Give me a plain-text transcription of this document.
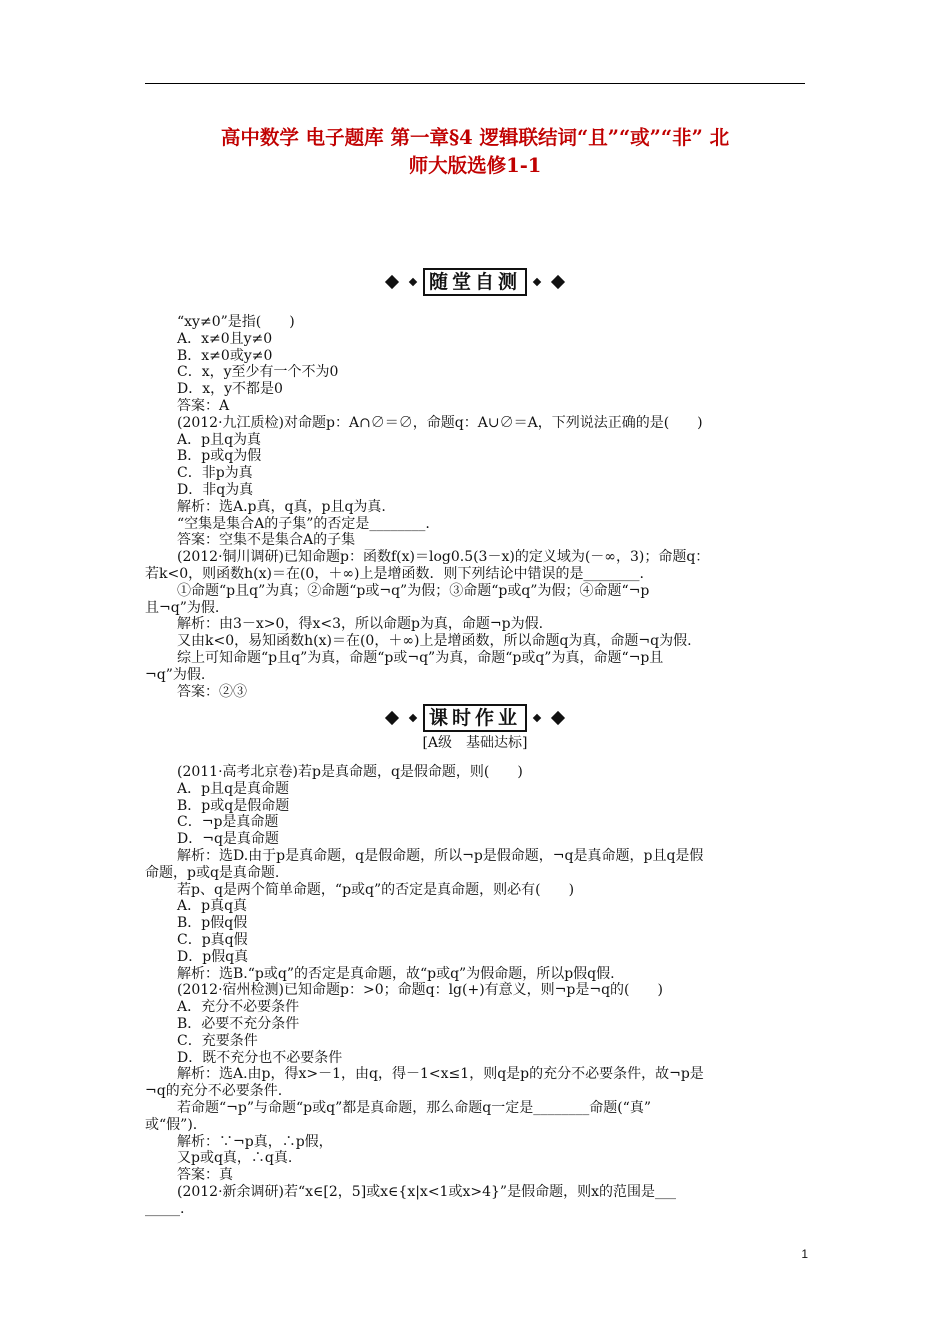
高中数学 电子题库 第一章§4 逻辑联结词“且”“或”“非” 北
师大版选修1-1
随堂自测

“xy≠0”是指(　　)

A．x≠0且y≠0

B．x≠0或y≠0

C．x，y至少有一个不为0

D．x，y不都是0

答案：A

(2012·九江质检)对命题p：A∩∅＝∅，命题q：A∪∅＝A，下列说法正确的是(　　)

A．p且q为真

B．p或q为假

C．非p为真

D．非q为真

解析：选A.p真，q真，p且q为真.

“空集是集合A的子集”的否定是________.

答案：空集不是集合A的子集

(2012·铜川调研)已知命题p：函数f(x)＝log0.5(3－x)的定义域为(－∞，3)；命题q：

若k<0，则函数h(x)＝在(0，＋∞)上是增函数．则下列结论中错误的是________.

①命题“p且q”为真；②命题“p或¬q”为假；③命题“p或q”为假；④命题“¬p

且¬q”为假.

解析：由3－x>0，得x<3，所以命题p为真，命题¬p为假.

又由k<0，易知函数h(x)＝在(0，＋∞)上是增函数，所以命题q为真，命题¬q为假.

综上可知命题“p且q”为真，命题“p或¬q”为真，命题“p或q”为真，命题“¬p且

¬q”为假.

答案：②③

课时作业
[A级　基础达标]

(2011·高考北京卷)若p是真命题，q是假命题，则(　　)

A．p且q是真命题

B．p或q是假命题

C．¬p是真命题

D．¬q是真命题

解析：选D.由于p是真命题，q是假命题，所以¬p是假命题，¬q是真命题，p且q是假

命题，p或q是真命题.

若p、q是两个简单命题，“p或q”的否定是真命题，则必有(　　)

A．p真q真

B．p假q假

C．p真q假

D．p假q真

解析：选B.“p或q”的否定是真命题，故“p或q”为假命题，所以p假q假.

(2012·宿州检测)已知命题p：>0；命题q：lg(+)有意义，则¬p是¬q的(　　)

A．充分不必要条件

B．必要不充分条件

C．充要条件

D．既不充分也不必要条件

解析：选A.由p，得x>－1，由q，得－1<x≤1，则q是p的充分不必要条件，故¬p是

¬q的充分不必要条件.

若命题“¬p”与命题“p或q”都是真命题，那么命题q一定是________命题(“真”

或“假”).

解析：∵¬p真，∴p假，

又p或q真，∴q真.

答案：真

(2012·新余调研)若“x∈[2，5]或x∈{x|x<1或x>4}”是假命题，则x的范围是___

_____.

1
